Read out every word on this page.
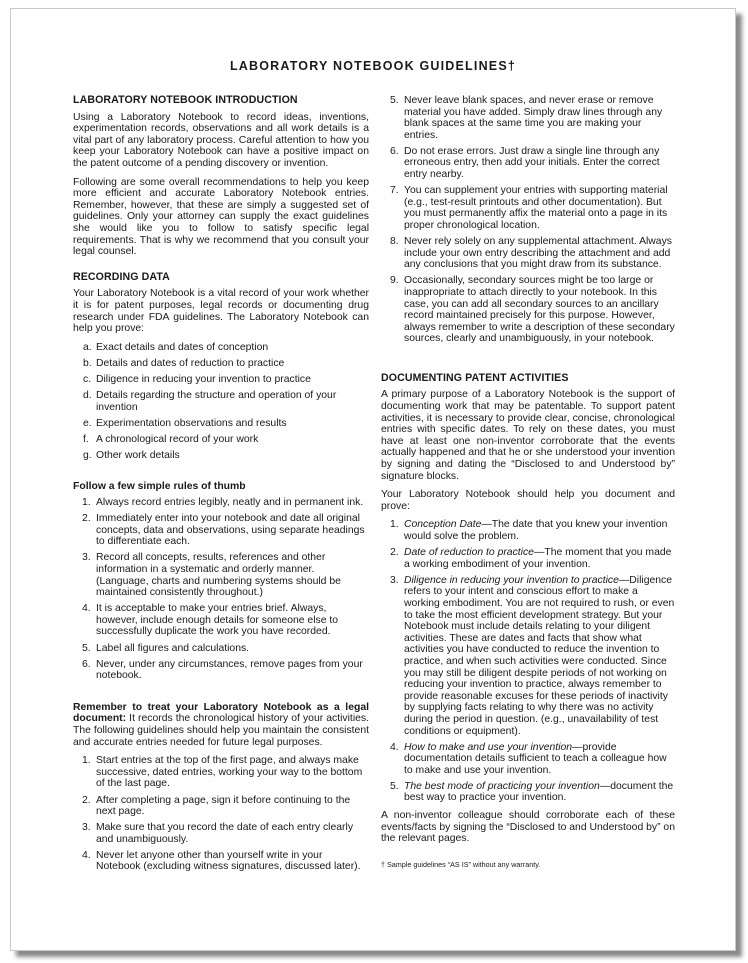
LABORATORY NOTEBOOK GUIDELINES†
LABORATORY NOTEBOOK INTRODUCTION

Using a Laboratory Notebook to record ideas, inventions, experimentation records, observations and all work details is a vital part of any laboratory process. Careful attention to how you keep your Laboratory Notebook can have a positive impact on the patent outcome of a pending discovery or invention.

Following are some overall recommendations to help you keep more efficient and accurate Laboratory Notebook entries. Remember, however, that these are simply a suggested set of guidelines. Only your attorney can supply the exact guidelines she would like you to follow to satisfy specific legal requirements. That is why we recommend that you consult your legal counsel.

RECORDING DATA

Your Laboratory Notebook is a vital record of your work whether it is for patent purposes, legal records or documenting drug research under FDA guidelines. The Laboratory Notebook can help you prove:

a. Exact details and dates of conception
b. Details and dates of reduction to practice
c. Diligence in reducing your invention to practice
d. Details regarding the structure and operation of your invention
e. Experimentation observations and results
f. A chronological record of your work
g. Other work details
Follow a few simple rules of thumb
1. Always record entries legibly, neatly and in permanent ink.
2. Immediately enter into your notebook and date all original concepts, data and observations, using separate headings to differentiate each.
3. Record all concepts, results, references and other information in a systematic and orderly manner. (Language, charts and numbering systems should be maintained consistently throughout.)
4. It is acceptable to make your entries brief. Always, however, include enough details for someone else to successfully duplicate the work you have recorded.
5. Label all figures and calculations.
6. Never, under any circumstances, remove pages from your notebook.

Remember to treat your Laboratory Notebook as a legal document: It records the chronological history of your activities. The following guidelines should help you maintain the consistent and accurate entries needed for future legal purposes.

1. Start entries at the top of the first page, and always make successive, dated entries, working your way to the bottom of the last page.
2. After completing a page, sign it before continuing to the next page.
3. Make sure that you record the date of each entry clearly and unambiguously.
4. Never let anyone other than yourself write in your Notebook (excluding witness signatures, discussed later).
5. Never leave blank spaces, and never erase or remove material you have added. Simply draw lines through any blank spaces at the same time you are making your entries.
6. Do not erase errors. Just draw a single line through any erroneous entry, then add your initials. Enter the correct entry nearby.
7. You can supplement your entries with supporting material (e.g., test-result printouts and other documentation). But you must permanently affix the material onto a page in its proper chronological location.
8. Never rely solely on any supplemental attachment. Always include your own entry describing the attachment and add any conclusions that you might draw from its substance.
9. Occasionally, secondary sources might be too large or inappropriate to attach directly to your notebook. In this case, you can add all secondary sources to an ancillary record maintained precisely for this purpose. However, always remember to write a description of these secondary sources, clearly and unambiguously, in your notebook.
DOCUMENTING PATENT ACTIVITIES

A primary purpose of a Laboratory Notebook is the support of documenting work that may be patentable. To support patent activities, it is necessary to provide clear, concise, chronological entries with specific dates. To rely on these dates, you must have at least one non-inventor corroborate that the events actually happened and that he or she understood your invention by signing and dating the “Disclosed to and Understood by” signature blocks.

Your Laboratory Notebook should help you document and prove:

1. Conception Date—The date that you knew your invention would solve the problem.
2. Date of reduction to practice—The moment that you made a working embodiment of your invention.
3. Diligence in reducing your invention to practice—Diligence refers to your intent and conscious effort to make a working embodiment. You are not required to rush, or even to take the most efficient development strategy. But your Notebook must include details relating to your diligent activities. These are dates and facts that show what activities you have conducted to reduce the invention to practice, and when such activities were conducted. Since you may still be diligent despite periods of not working on reducing your invention to practice, always remember to provide reasonable excuses for these periods of inactivity by supplying facts relating to why there was no activity during the period in question. (e.g., unavailability of test conditions or equipment).
4. How to make and use your invention—provide documentation details sufficient to teach a colleague how to make and use your invention.
5. The best mode of practicing your invention—document the best way to practice your invention.

A non-inventor colleague should corroborate each of these events/facts by signing the “Disclosed to and Understood by” on the relevant pages.

† Sample guidelines “AS IS” without any warranty.
